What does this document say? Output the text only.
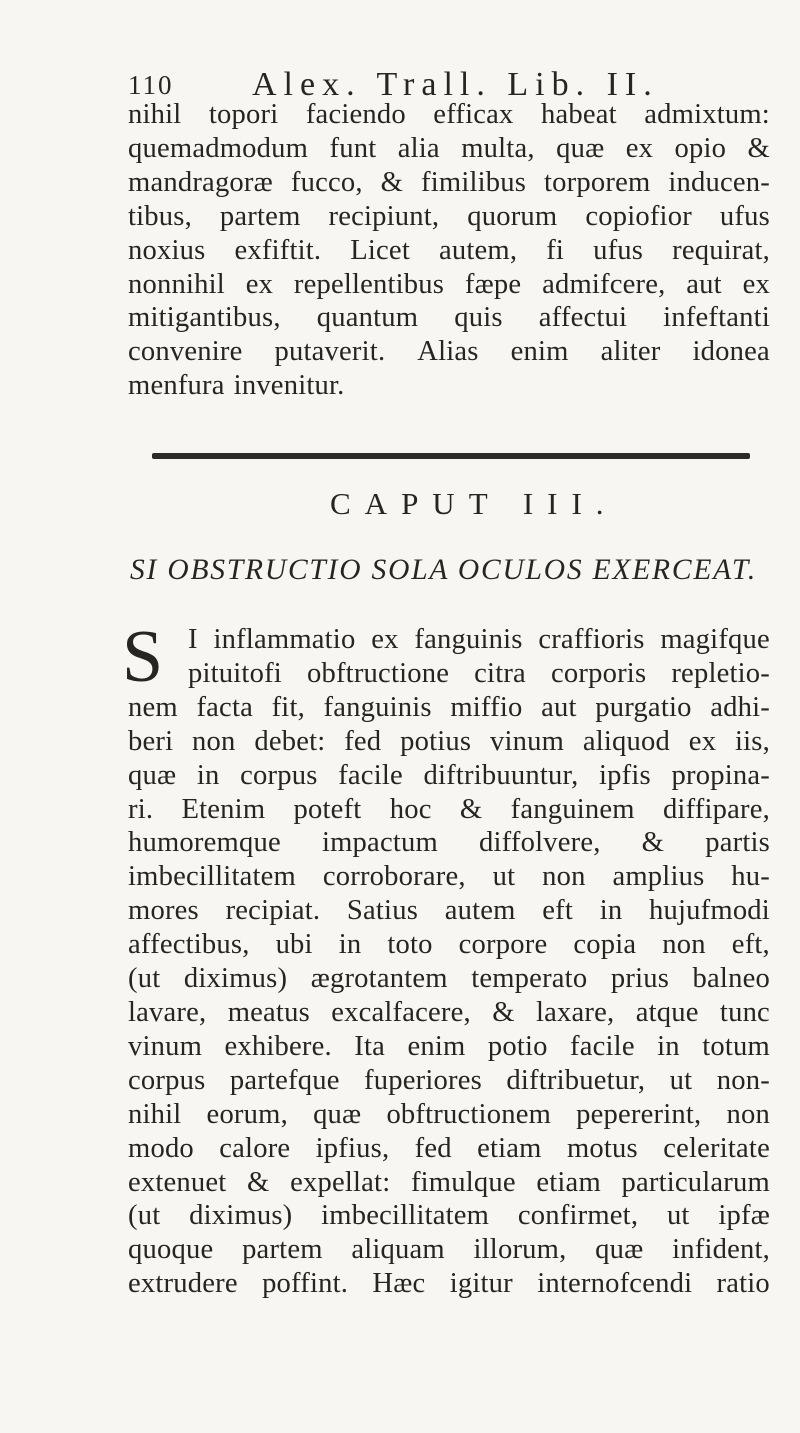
110 Alex. Trall. Lib. II.
nihil topori faciendo efficax habeat admixtum:
quemadmodum funt alia multa, quæ ex opio &
mandragoræ fucco, & fimilibus torporem inducen-
tibus, partem recipiunt, quorum copiofior ufus
noxius exfiftit. Licet autem, fi ufus requirat,
nonnihil ex repellentibus fæpe admifcere, aut ex
mitigantibus, quantum quis affectui infeftanti
convenire putaverit. Alias enim aliter idonea
menfura invenitur.
CAPUT III.
SI OBSTRUCTIO SOLA OCULOS EXERCEAT.
S I inflammatio ex fanguinis craffioris magifque
pituitofi obftructione citra corporis repletio-
nem facta fit, fanguinis miffio aut purgatio adhi-
beri non debet: fed potius vinum aliquod ex iis,
quæ in corpus facile diftribuuntur, ipfis propina-
ri. Etenim poteft hoc & fanguinem diffipare,
humoremque impactum diffolvere, & partis
imbecillitatem corroborare, ut non amplius hu-
mores recipiat. Satius autem eft in hujufmodi
affectibus, ubi in toto corpore copia non eft,
(ut diximus) ægrotantem temperato prius balneo
lavare, meatus excalfacere, & laxare, atque tunc
vinum exhibere. Ita enim potio facile in totum
corpus partefque fuperiores diftribuetur, ut non-
nihil eorum, quæ obftructionem pepererint, non
modo calore ipfius, fed etiam motus celeritate
extenuet & expellat: fimulque etiam particularum
(ut diximus) imbecillitatem confirmet, ut ipfæ
quoque partem aliquam illorum, quæ infident,
extrudere poffint. Hæc igitur internofcendi ratio
